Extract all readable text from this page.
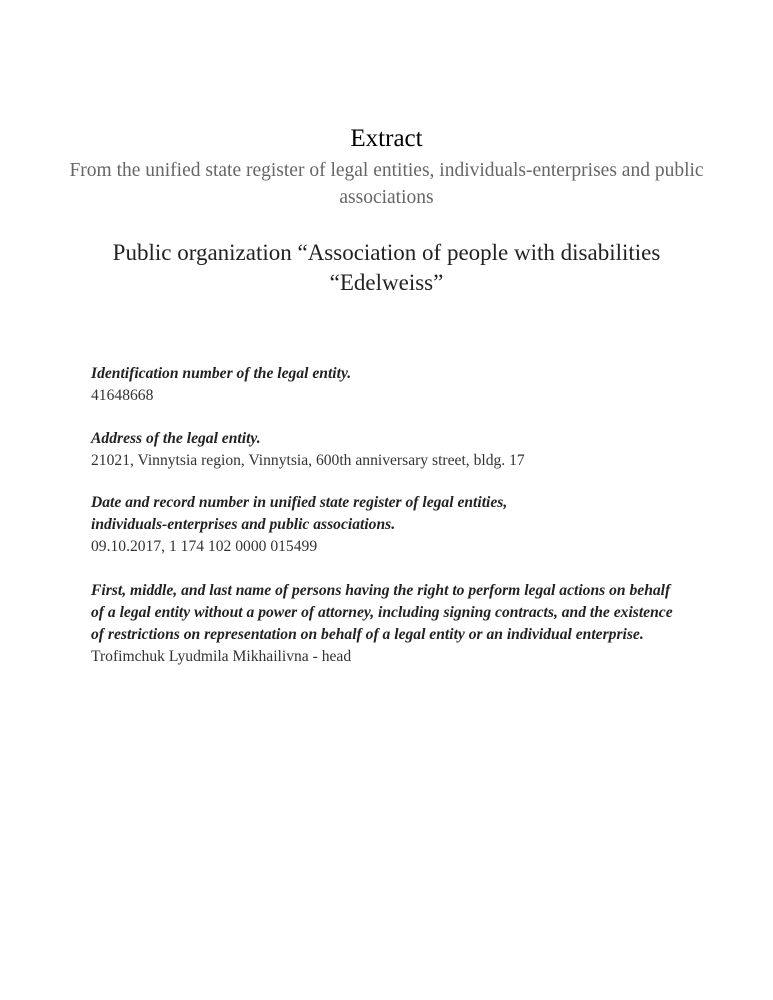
Extract
From the unified state register of legal entities, individuals-enterprises and public associations
Public organization “Association of people with disabilities “Edelweiss”
Identification number of the legal entity.
41648668
Address of the legal entity.
21021, Vinnytsia region, Vinnytsia, 600th anniversary street, bldg. 17
Date and record number in unified state register of legal entities, individuals-enterprises and public associations.
09.10.2017, 1 174 102 0000 015499
First, middle, and last name of persons having the right to perform legal actions on behalf of a legal entity without a power of attorney, including signing contracts, and the existence of restrictions on representation on behalf of a legal entity or an individual enterprise.
Trofimchuk Lyudmila Mikhailivna - head
